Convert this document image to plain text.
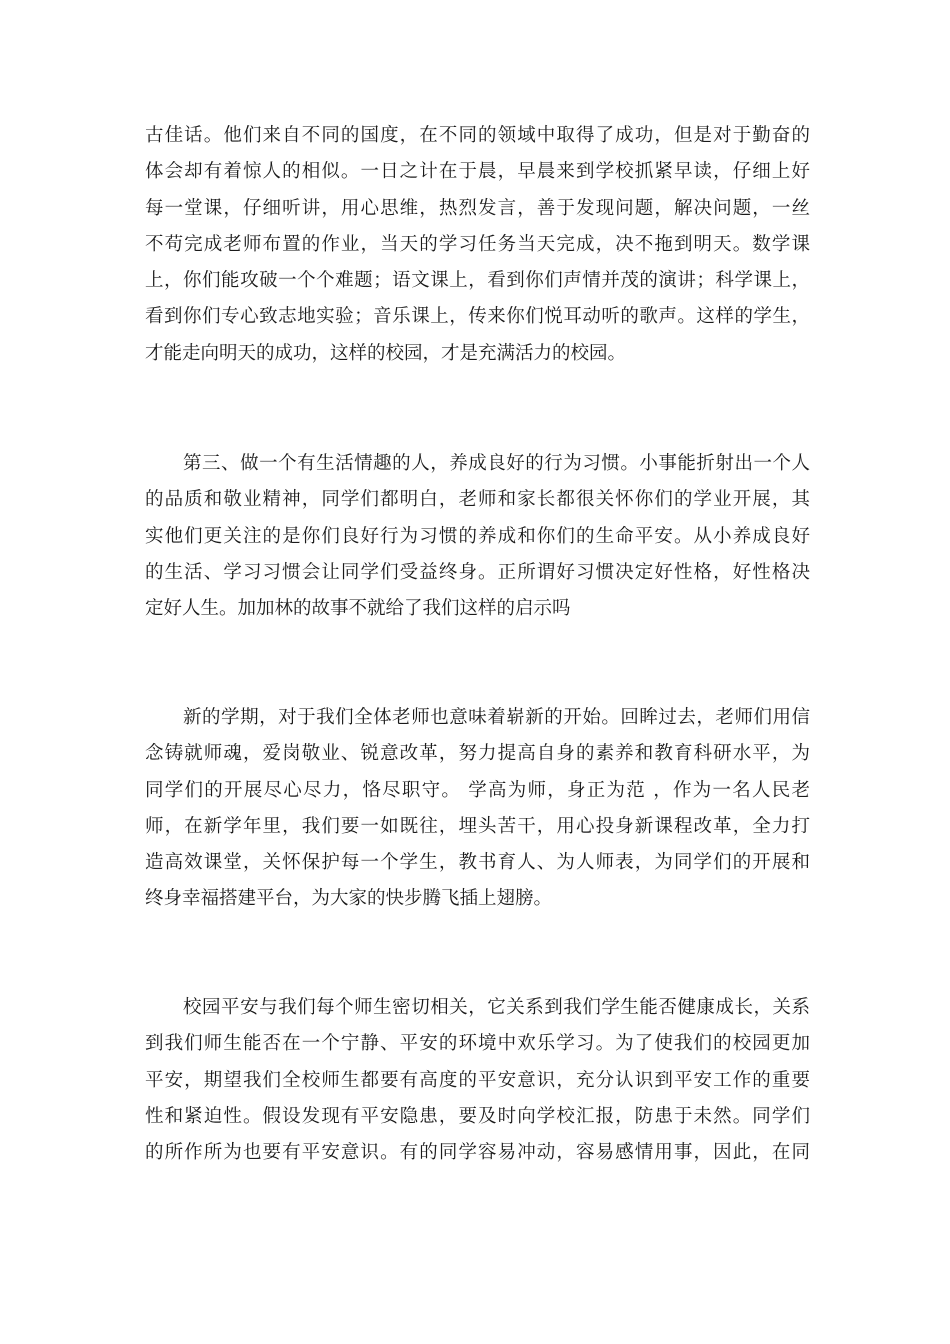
古佳话。他们来自不同的国度，在不同的领域中取得了成功，但是对于勤奋的
体会却有着惊人的相似。一日之计在于晨，早晨来到学校抓紧早读，仔细上好
每一堂课，仔细听讲，用心思维，热烈发言，善于发现问题，解决问题，一丝
不苟完成老师布置的作业，当天的学习任务当天完成，决不拖到明天。数学课
上，你们能攻破一个个难题；语文课上，看到你们声情并茂的演讲；科学课上，
看到你们专心致志地实验；音乐课上，传来你们悦耳动听的歌声。这样的学生，
才能走向明天的成功，这样的校园，才是充满活力的校园。
　　第三、做一个有生活情趣的人，养成良好的行为习惯。小事能折射出一个人
的品质和敬业精神，同学们都明白，老师和家长都很关怀你们的学业开展，其
实他们更关注的是你们良好行为习惯的养成和你们的生命平安。从小养成良好
的生活、学习习惯会让同学们受益终身。正所谓好习惯决定好性格，好性格决
定好人生。加加林的故事不就给了我们这样的启示吗
　　新的学期，对于我们全体老师也意味着崭新的开始。回眸过去，老师们用信
念铸就师魂，爱岗敬业、锐意改革，努力提高自身的素养和教育科研水平，为
同学们的开展尽心尽力，恪尽职守。 学高为师，身正为范 ，作为一名人民老
师，在新学年里，我们要一如既往，埋头苦干，用心投身新课程改革，全力打
造高效课堂，关怀保护每一个学生，教书育人、为人师表，为同学们的开展和
终身幸福搭建平台，为大家的快步腾飞插上翅膀。
　　校园平安与我们每个师生密切相关，它关系到我们学生能否健康成长，关系
到我们师生能否在一个宁静、平安的环境中欢乐学习。为了使我们的校园更加
平安，期望我们全校师生都要有高度的平安意识，充分认识到平安工作的重要
性和紧迫性。假设发现有平安隐患，要及时向学校汇报，防患于未然。同学们
的所作所为也要有平安意识。有的同学容易冲动，容易感情用事，因此，在同
